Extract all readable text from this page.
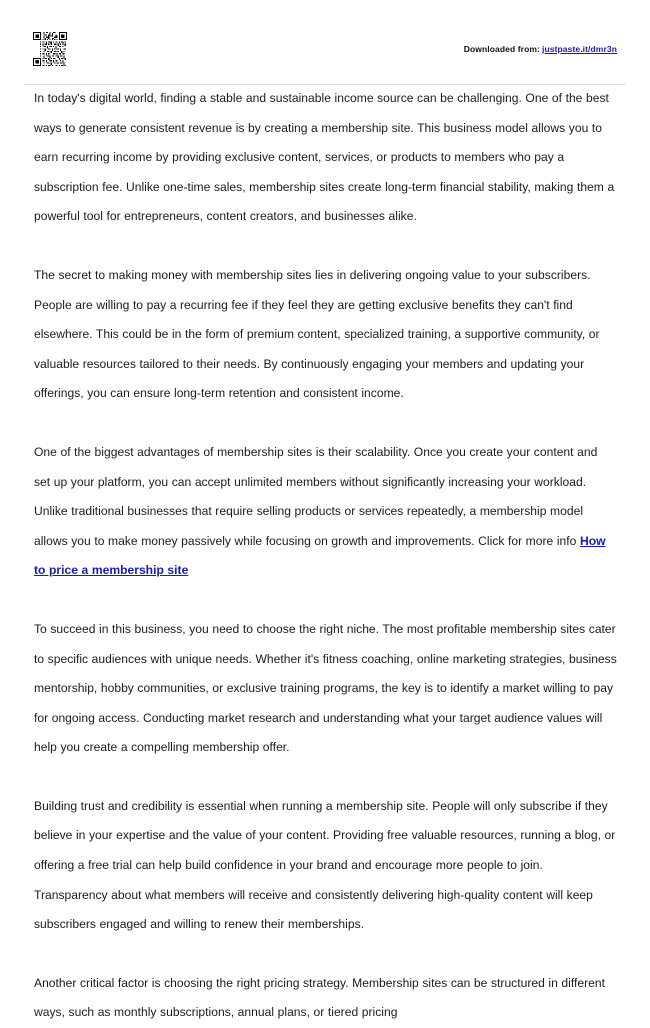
Downloaded from: justpaste.it/dmr3n

In today's digital world, finding a stable and sustainable income source can be challenging. One of the best ways to generate consistent revenue is by creating a membership site. This business model allows you to earn recurring income by providing exclusive content, services, or products to members who pay a subscription fee. Unlike one-time sales, membership sites create long-term financial stability, making them a powerful tool for entrepreneurs, content creators, and businesses alike.

The secret to making money with membership sites lies in delivering ongoing value to your subscribers. People are willing to pay a recurring fee if they feel they are getting exclusive benefits they can't find elsewhere. This could be in the form of premium content, specialized training, a supportive community, or valuable resources tailored to their needs. By continuously engaging your members and updating your offerings, you can ensure long-term retention and consistent income.

One of the biggest advantages of membership sites is their scalability. Once you create your content and set up your platform, you can accept unlimited members without significantly increasing your workload. Unlike traditional businesses that require selling products or services repeatedly, a membership model allows you to make money passively while focusing on growth and improvements. Click for more info How to price a membership site

To succeed in this business, you need to choose the right niche. The most profitable membership sites cater to specific audiences with unique needs. Whether it's fitness coaching, online marketing strategies, business mentorship, hobby communities, or exclusive training programs, the key is to identify a market willing to pay for ongoing access. Conducting market research and understanding what your target audience values will help you create a compelling membership offer.

Building trust and credibility is essential when running a membership site. People will only subscribe if they believe in your expertise and the value of your content. Providing free valuable resources, running a blog, or offering a free trial can help build confidence in your brand and encourage more people to join. Transparency about what members will receive and consistently delivering high-quality content will keep subscribers engaged and willing to renew their memberships.

Another critical factor is choosing the right pricing strategy. Membership sites can be structured in different ways, such as monthly subscriptions, annual plans, or tiered pricing
